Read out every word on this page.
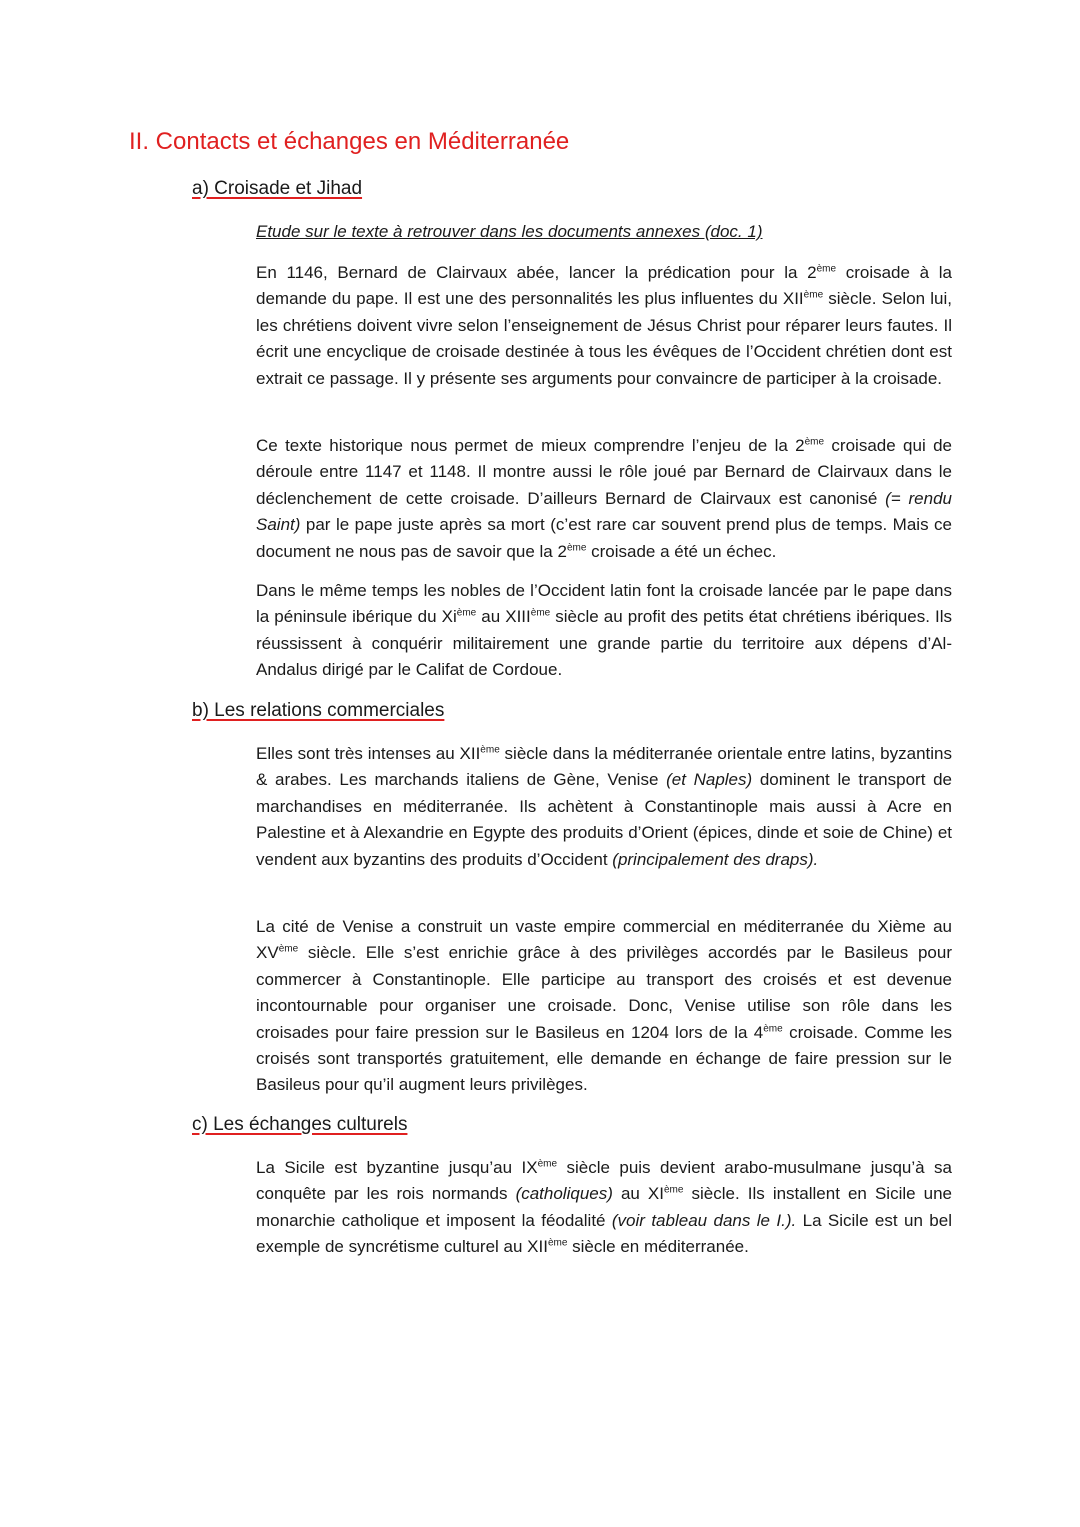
II. Contacts et échanges en Méditerranée
a) Croisade et Jihad

Etude sur le texte à retrouver dans les documents annexes (doc. 1)

En 1146, Bernard de Clairvaux abée, lancer la prédication pour la 2ème croisade à la demande du pape. Il est une des personnalités les plus influentes du XIIème siècle. Selon lui, les chrétiens doivent vivre selon l’enseignement de Jésus Christ pour réparer leurs fautes. Il écrit une encyclique de croisade destinée à tous les évêques de l’Occident chrétien dont est extrait ce passage. Il y présente ses arguments pour convaincre de participer à la croisade.

Ce texte historique nous permet de mieux comprendre l’enjeu de la 2ème croisade qui de déroule entre 1147 et 1148. Il montre aussi le rôle joué par Bernard de Clairvaux dans le déclenchement de cette croisade. D’ailleurs Bernard de Clairvaux est canonisé (= rendu Saint) par le pape juste après sa mort (c’est rare car souvent prend plus de temps. Mais ce document ne nous pas de savoir que la 2ème croisade a été un échec.

Dans le même temps les nobles de l’Occident latin font la croisade lancée par le pape dans la péninsule ibérique du $Xi^{ème}$ au XIIIème siècle au profit des petits état chrétiens ibériques. Ils réussissent à conquérir militairement une grande partie du territoire aux dépens d’Al-Andalus dirigé par le Califat de Cordoue.

b) Les relations commerciales

Elles sont très intenses au XIIème siècle dans la méditerranée orientale entre latins, byzantins & arabes. Les marchands italiens de Gène, Venise (et Naples) dominent le transport de marchandises en méditerranée. Ils achètent à Constantinople mais aussi à Acre en Palestine et à Alexandrie en Egypte des produits d’Orient (épices, dinde et soie de Chine) et vendent aux byzantins des produits d’Occident (principalement des draps).

La cité de Venise a construit un vaste empire commercial en méditerranée du Xième au XVème siècle. Elle s’est enrichie grâce à des privilèges accordés par le Basileus pour commercer à Constantinople. Elle participe au transport des croisés et est devenue incontournable pour organiser une croisade. Donc, Venise utilise son rôle dans les croisades pour faire pression sur le Basileus en 1204 lors de la 4ème croisade. Comme les croisés sont transportés gratuitement, elle demande en échange de faire pression sur le Basileus pour qu’il augment leurs privilèges.

c) Les échanges culturels

La Sicile est byzantine jusqu’au IXème siècle puis devient arabo-musulmane jusqu’à sa conquête par les rois normands (catholiques) au XIème siècle. Ils installent en Sicile une monarchie catholique et imposent la féodalité (voir tableau dans le I.). La Sicile est un bel exemple de syncrétisme culturel au XIIème siècle en méditerranée.
